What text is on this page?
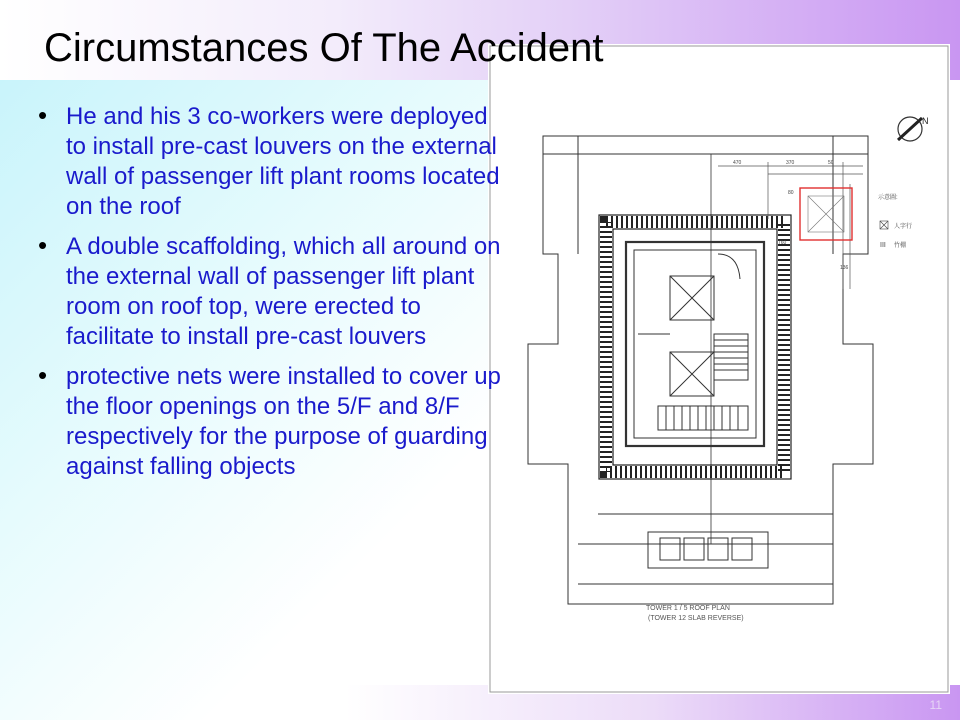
Circumstances Of The Accident
• He and his 3 co-workers were deployed to install pre-cast louvers on the external wall of passenger lift plant rooms located on the roof
• A double scaffolding, which all around on the external wall of passenger lift plant room on roof top, were erected to facilitate to install pre-cast louvers
• protective nets were installed to cover up the floor openings on the 5/F and 8/F respectively for the purpose of guarding against falling objects
470	370	50
80
760
136
N
示意圖:
人字行
III 竹棚
TOWER 1 / 5 ROOF PLAN
(TOWER 12 SLAB REVERSE)
11
